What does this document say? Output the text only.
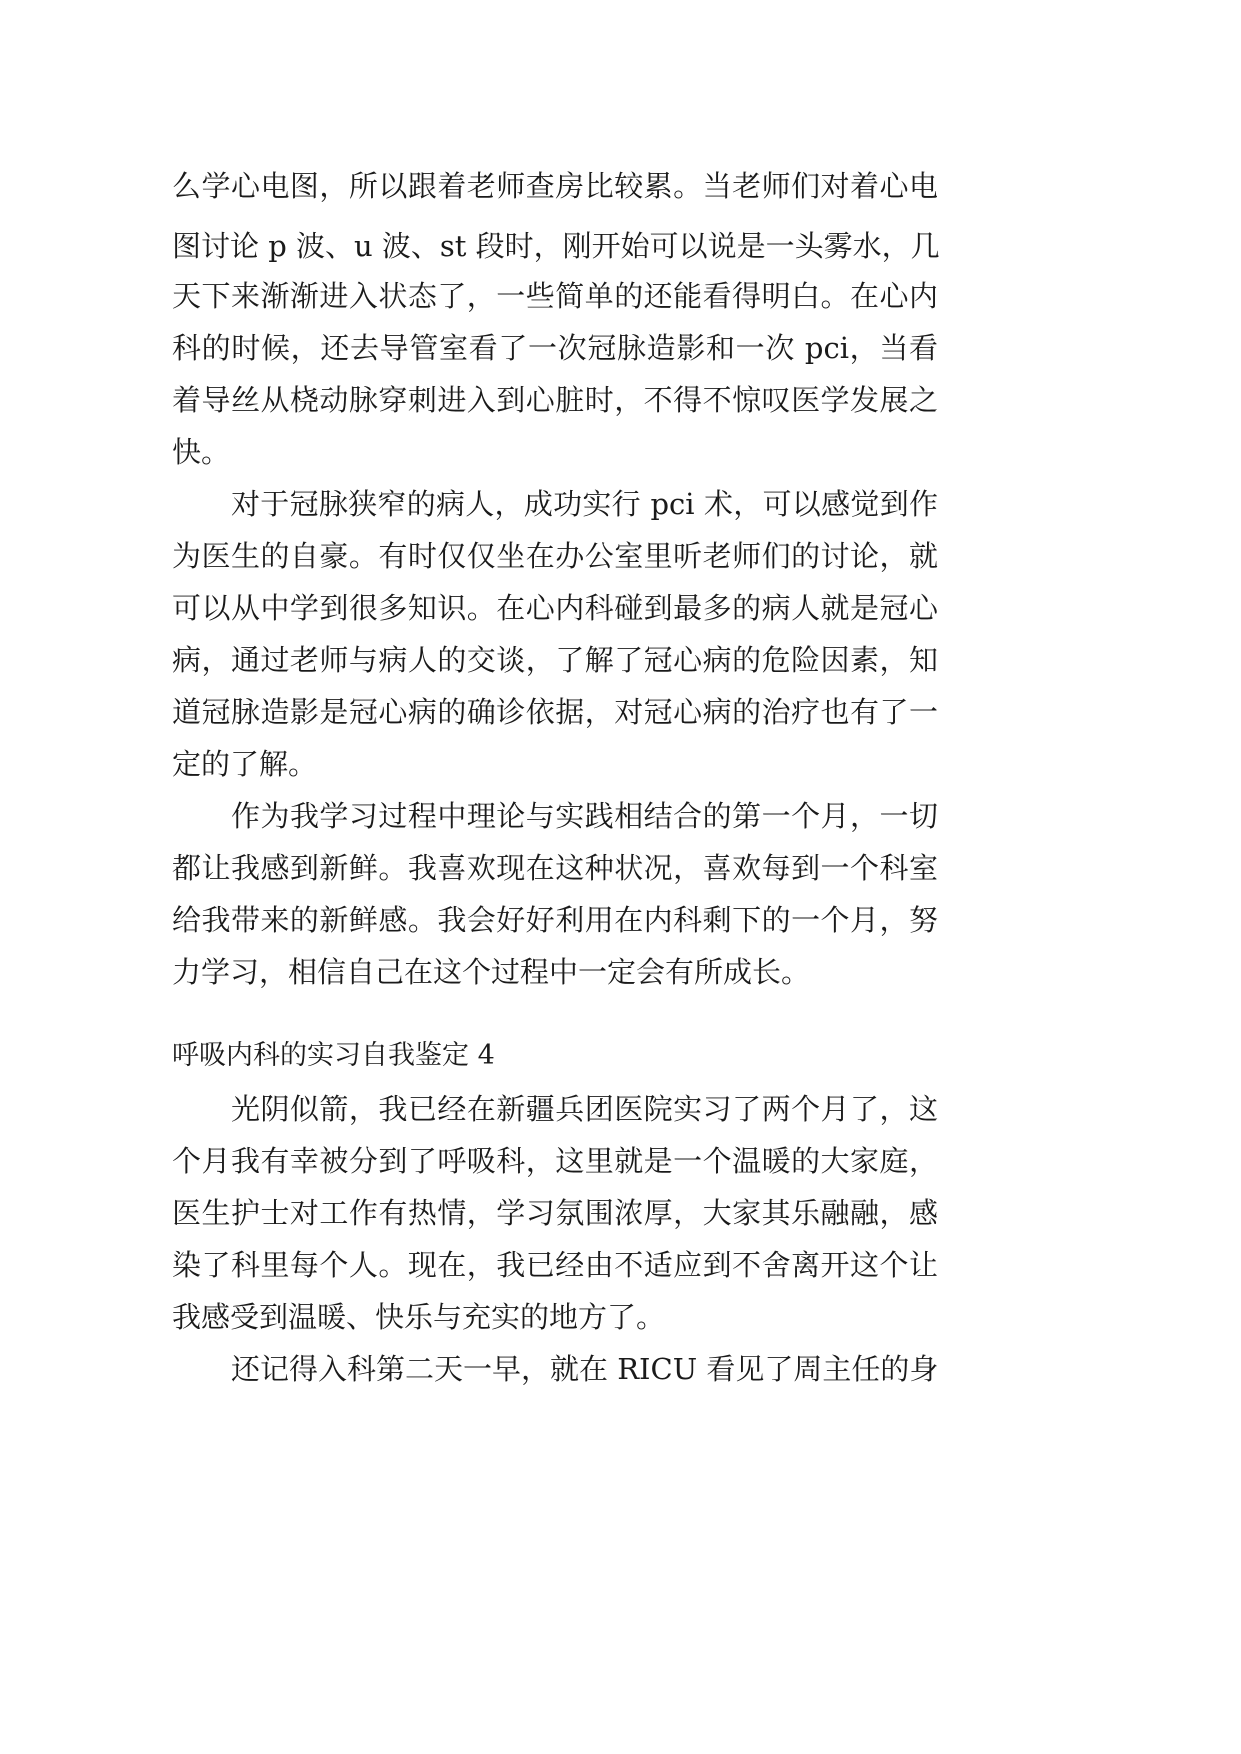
么学心电图，所以跟着老师查房比较累。当老师们对着心电
图讨论 p 波、u 波、st 段时，刚开始可以说是一头雾水，几
天下来渐渐进入状态了，一些简单的还能看得明白。在心内
科的时候，还去导管室看了一次冠脉造影和一次 pci，当看
着导丝从桡动脉穿刺进入到心脏时，不得不惊叹医学发展之
快。
对于冠脉狭窄的病人，成功实行 pci 术，可以感觉到作
为医生的自豪。有时仅仅坐在办公室里听老师们的讨论，就
可以从中学到很多知识。在心内科碰到最多的病人就是冠心
病，通过老师与病人的交谈，了解了冠心病的危险因素，知
道冠脉造影是冠心病的确诊依据，对冠心病的治疗也有了一
定的了解。
作为我学习过程中理论与实践相结合的第一个月，一切
都让我感到新鲜。我喜欢现在这种状况，喜欢每到一个科室
给我带来的新鲜感。我会好好利用在内科剩下的一个月，努
力学习，相信自己在这个过程中一定会有所成长。
呼吸内科的实习自我鉴定 4
光阴似箭，我已经在新疆兵团医院实习了两个月了，这
个月我有幸被分到了呼吸科，这里就是一个温暖的大家庭，
医生护士对工作有热情，学习氛围浓厚，大家其乐融融，感
染了科里每个人。现在，我已经由不适应到不舍离开这个让
我感受到温暖、快乐与充实的地方了。
还记得入科第二天一早，就在 RICU 看见了周主任的身
